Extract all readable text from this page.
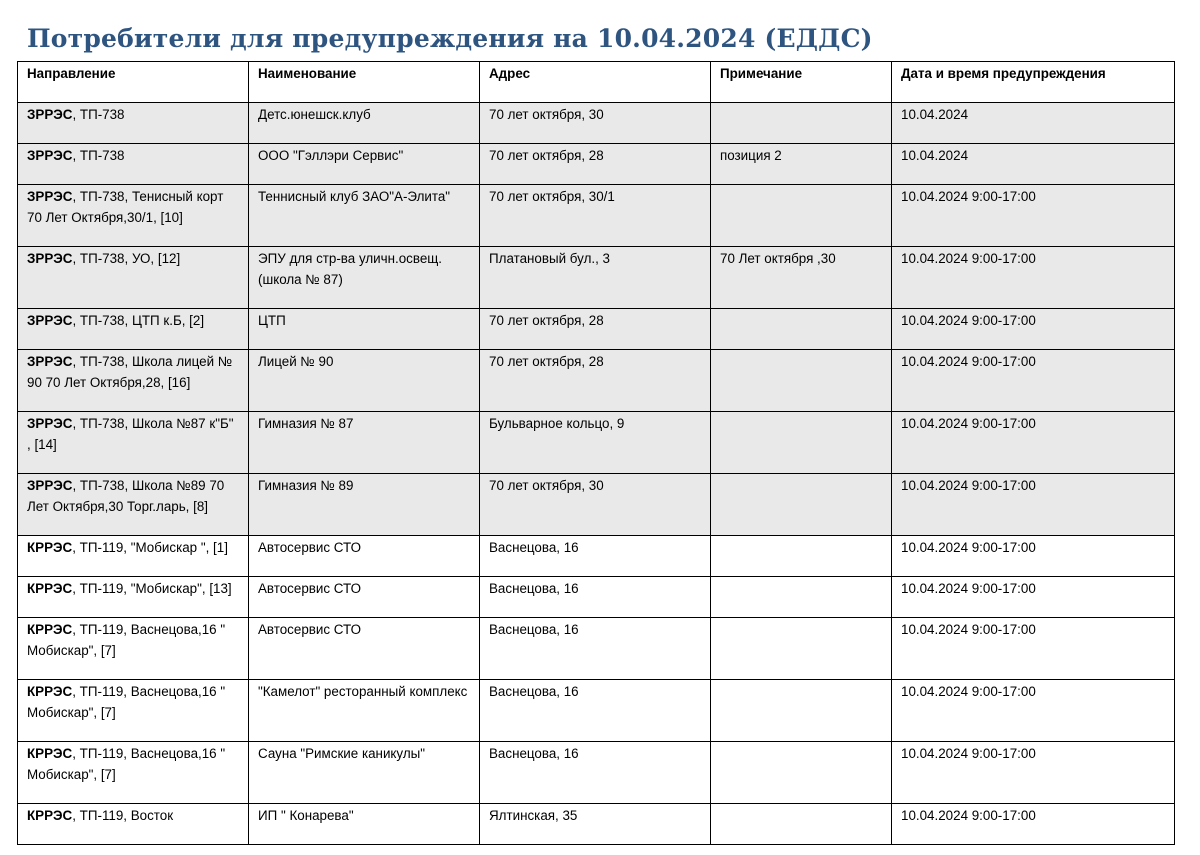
Потребители для предупреждения на 10.04.2024 (ЕДДС)
Направление	Наименование	Адрес	Примечание	Дата и время предупреждения
ЗРРЭС, ТП-738	Детс.юнешск.клуб	70 лет октября, 30		10.04.2024
ЗРРЭС, ТП-738	ООО "Гэллэри Сервис"	70 лет октября, 28	позиция 2	10.04.2024
ЗРРЭС, ТП-738, Тенисный корт 70 Лет Октября,30/1, [10]	Теннисный клуб ЗАО"А-Элита"	70 лет октября, 30/1		10.04.2024 9:00-17:00
ЗРРЭС, ТП-738, УО, [12]	ЭПУ для стр-ва уличн.освещ. (школа № 87)	Платановый бул., 3	70 Лет октября ,30	10.04.2024 9:00-17:00
ЗРРЭС, ТП-738, ЦТП к.Б, [2]	ЦТП	70 лет октября, 28		10.04.2024 9:00-17:00
ЗРРЭС, ТП-738, Школа лицей № 90 70 Лет Октября,28, [16]	Лицей № 90	70 лет октября, 28		10.04.2024 9:00-17:00
ЗРРЭС, ТП-738, Школа №87 к"Б" , [14]	Гимназия № 87	Бульварное кольцо, 9		10.04.2024 9:00-17:00
ЗРРЭС, ТП-738, Школа №89 70 Лет Октября,30 Торг.ларь, [8]	Гимназия № 89	70 лет октября, 30		10.04.2024 9:00-17:00
КРРЭС, ТП-119, "Мобискар ", [1]	Автосервис СТО	Васнецова, 16		10.04.2024 9:00-17:00
КРРЭС, ТП-119, "Мобискар", [13]	Автосервис СТО	Васнецова, 16		10.04.2024 9:00-17:00
КРРЭС, ТП-119, Васнецова,16 " Мобискар", [7]	Автосервис СТО	Васнецова, 16		10.04.2024 9:00-17:00
КРРЭС, ТП-119, Васнецова,16 " Мобискар", [7]	"Камелот" ресторанный комплекс	Васнецова, 16		10.04.2024 9:00-17:00
КРРЭС, ТП-119, Васнецова,16 " Мобискар", [7]	Сауна "Римские каникулы"	Васнецова, 16		10.04.2024 9:00-17:00
КРРЭС, ТП-119, Восток	ИП " Конарева"	Ялтинская, 35		10.04.2024 9:00-17:00
